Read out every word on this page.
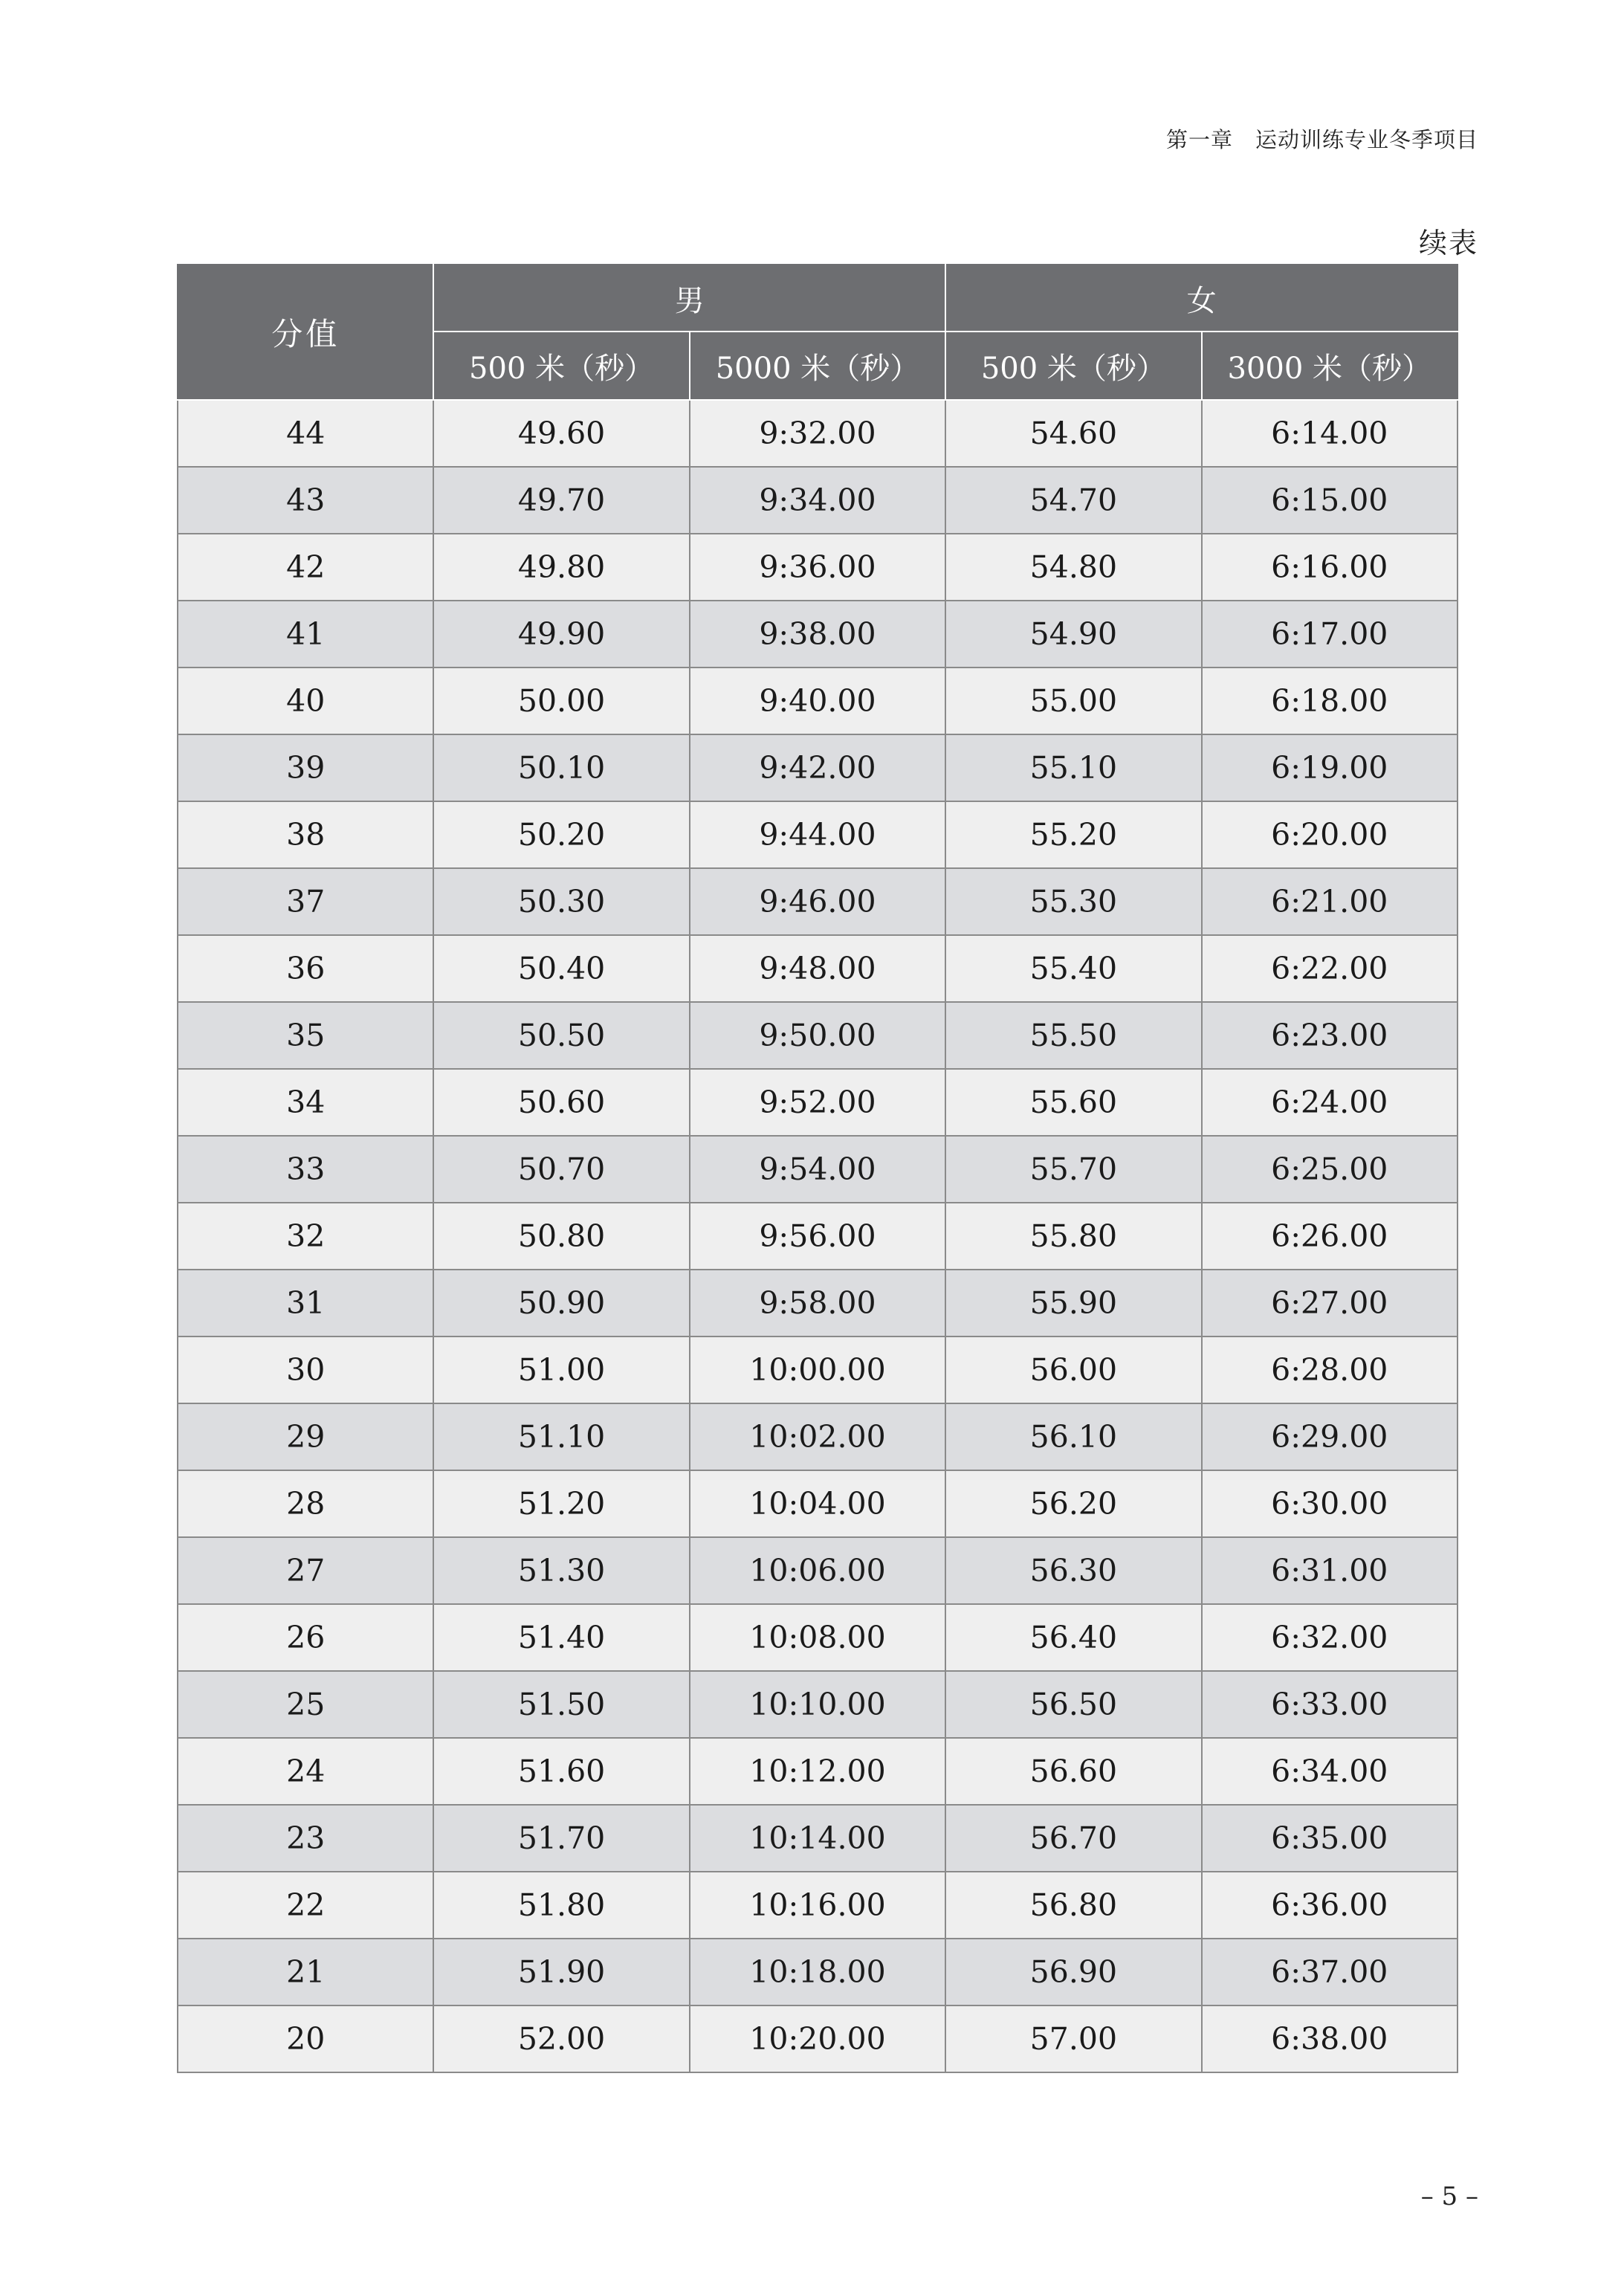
第一章　运动训练专业冬季项目
续表
分值	男		女	
	500 米（秒）	5000 米（秒）	500 米（秒）	3000 米（秒）
44	49.60	9:32.00	54.60	6:14.00
43	49.70	9:34.00	54.70	6:15.00
42	49.80	9:36.00	54.80	6:16.00
41	49.90	9:38.00	54.90	6:17.00
40	50.00	9:40.00	55.00	6:18.00
39	50.10	9:42.00	55.10	6:19.00
38	50.20	9:44.00	55.20	6:20.00
37	50.30	9:46.00	55.30	6:21.00
36	50.40	9:48.00	55.40	6:22.00
35	50.50	9:50.00	55.50	6:23.00
34	50.60	9:52.00	55.60	6:24.00
33	50.70	9:54.00	55.70	6:25.00
32	50.80	9:56.00	55.80	6:26.00
31	50.90	9:58.00	55.90	6:27.00
30	51.00	10:00.00	56.00	6:28.00
29	51.10	10:02.00	56.10	6:29.00
28	51.20	10:04.00	56.20	6:30.00
27	51.30	10:06.00	56.30	6:31.00
26	51.40	10:08.00	56.40	6:32.00
25	51.50	10:10.00	56.50	6:33.00
24	51.60	10:12.00	56.60	6:34.00
23	51.70	10:14.00	56.70	6:35.00
22	51.80	10:16.00	56.80	6:36.00
21	51.90	10:18.00	56.90	6:37.00
20	52.00	10:20.00	57.00	6:38.00
– 5 –
